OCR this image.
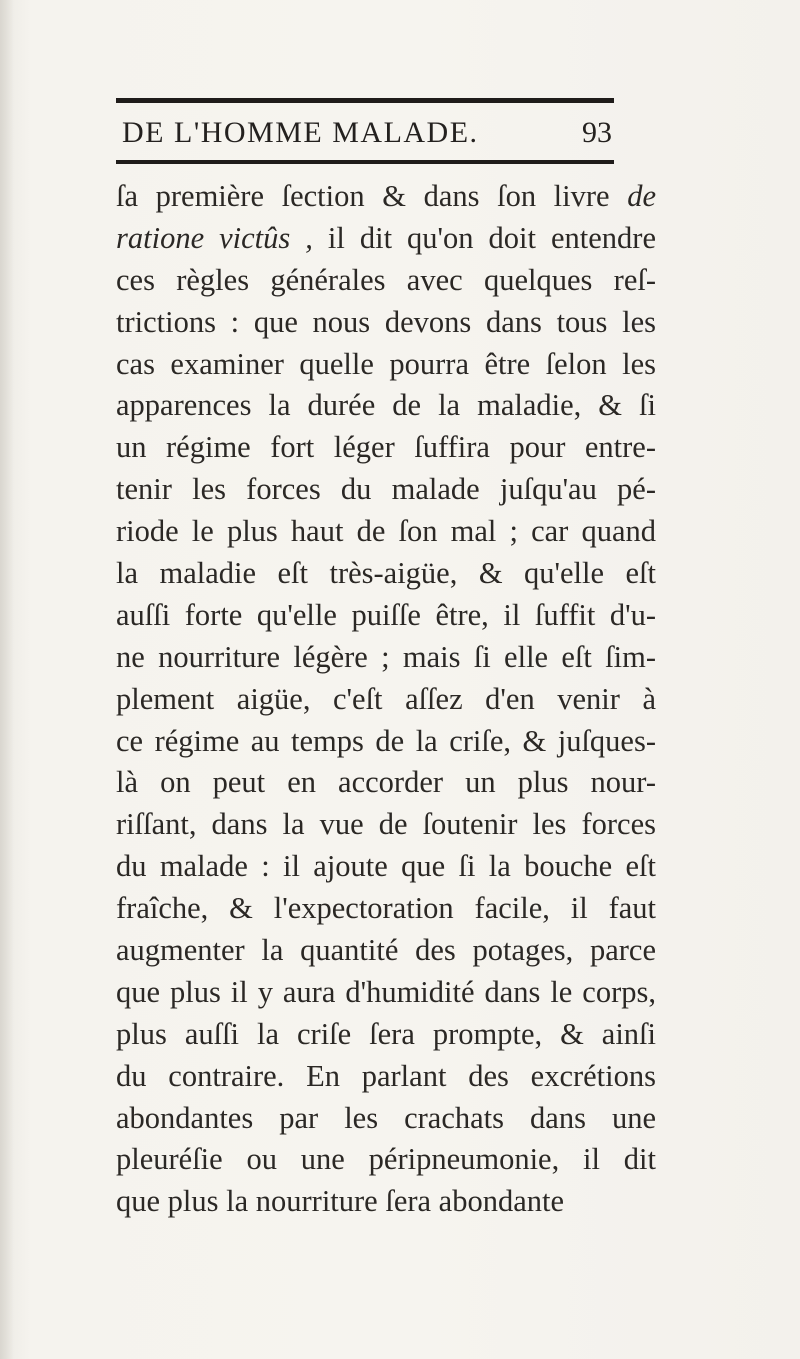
DE L'HOMME MALADE.	93
ſa première ſection & dans ſon livre de
ratione victûs , il dit qu'on doit entendre
ces règles générales avec quelques reſ-
trictions : que nous devons dans tous les
cas examiner quelle pourra être ſelon les
apparences la durée de la maladie, & ſi
un régime fort léger ſuffira pour entre-
tenir les forces du malade juſqu'au pé-
riode le plus haut de ſon mal ; car quand
la maladie eſt très-aigüe, & qu'elle eſt
auſſi forte qu'elle puiſſe être, il ſuffit d'u-
ne nourriture légère ; mais ſi elle eſt ſim-
plement aigüe, c'eſt aſſez d'en venir à
ce régime au temps de la criſe, & juſques-
là on peut en accorder un plus nour-
riſſant, dans la vue de ſoutenir les forces
du malade : il ajoute que ſi la bouche eſt
fraîche, & l'expectoration facile, il faut
augmenter la quantité des potages, parce
que plus il y aura d'humidité dans le corps,
plus auſſi la criſe ſera prompte, & ainſi
du contraire. En parlant des excrétions
abondantes par les crachats dans une
pleuréſie ou une péripneumonie, il dit
que plus la nourriture ſera abondante
